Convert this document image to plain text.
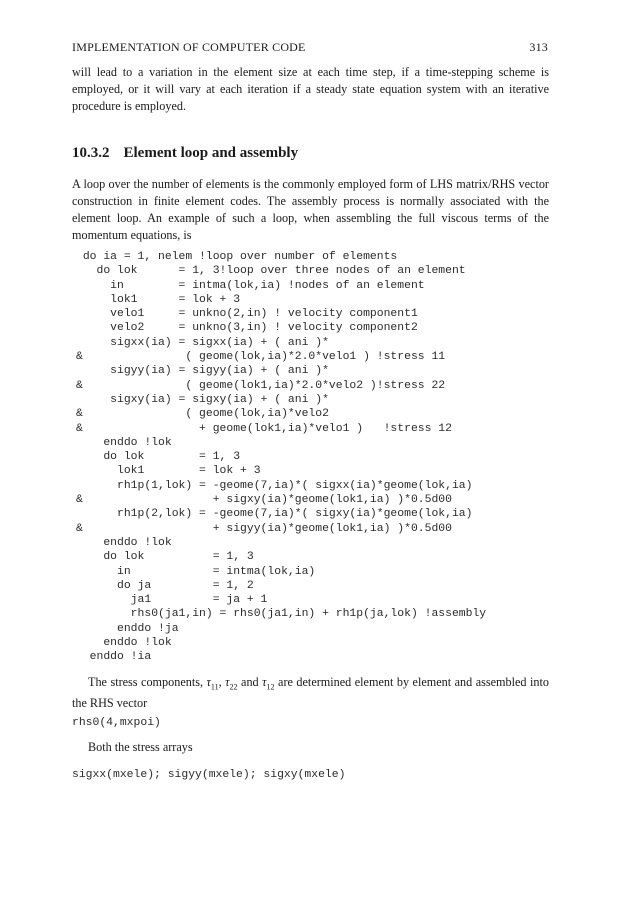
IMPLEMENTATION OF COMPUTER CODE	313

will lead to a variation in the element size at each time step, if a time-stepping scheme is employed, or it will vary at each iteration if a steady state equation system with an iterative procedure is employed.

10.3.2 Element loop and assembly

A loop over the number of elements is the commonly employed form of LHS matrix/RHS vector construction in finite element codes. The assembly process is normally associated with the element loop. An example of such a loop, when assembling the full viscous terms of the momentum equations, is

do ia = 1, nelem !loop over number of elements
do lok      = 1, 3!loop over three nodes of an element
in        = intma(lok,ia) !nodes of an element
lok1      = lok + 3
velo1     = unkno(2,in) ! velocity component1
velo2     = unkno(3,in) ! velocity component2
sigxx(ia) = sigxx(ia) + ( ani )*
&               ( geome(lok,ia)*2.0*velo1 ) !stress 11
sigyy(ia) = sigyy(ia) + ( ani )*
&               ( geome(lok1,ia)*2.0*velo2 )!stress 22
sigxy(ia) = sigxy(ia) + ( ani )*
&               ( geome(lok,ia)*velo2
&                 + geome(lok1,ia)*velo1 )   !stress 12
enddo !lok
do lok        = 1, 3
lok1        = lok + 3
rh1p(1,lok) = -geome(7,ia)*( sigxx(ia)*geome(lok,ia)
&                   + sigxy(ia)*geome(lok1,ia) )*0.5d00
rh1p(2,lok) = -geome(7,ia)*( sigxy(ia)*geome(lok,ia)
&                   + sigyy(ia)*geome(lok1,ia) )*0.5d00
enddo !lok
do lok          = 1, 3
in            = intma(lok,ia)
do ja         = 1, 2
ja1         = ja + 1
rhs0(ja1,in) = rhs0(ja1,in) + rh1p(ja,lok) !assembly
enddo !ja
enddo !lok
enddo !ia

The stress components, $\tau_{11}$, $\tau_{22}$ and $\tau_{12}$ are determined element by element and assembled into the RHS vector

rhs0(4,mxpoi)

Both the stress arrays

sigxx(mxele); sigyy(mxele); sigxy(mxele)
